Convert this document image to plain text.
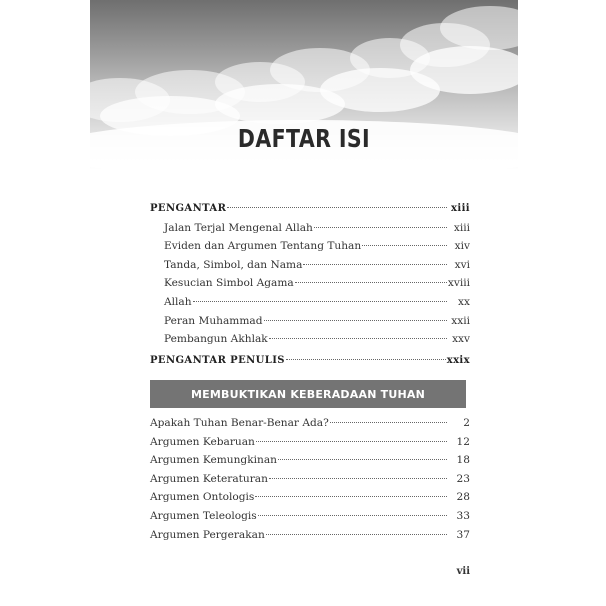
DAFTAR ISI
PENGANTAR	xiii
Jalan Terjal Mengenal Allah	xiii
Eviden dan Argumen Tentang Tuhan	xiv
Tanda, Simbol, dan Nama	xvi
Kesucian Simbol Agama	xviii
Allah	xx
Peran Muhammad	xxii
Pembangun Akhlak	xxv
PENGANTAR PENULIS	xxix
MEMBUKTIKAN KEBERADAAN TUHAN
Apakah Tuhan Benar-Benar Ada?	2
Argumen Kebaruan	12
Argumen Kemungkinan	18
Argumen Keteraturan	23
Argumen Ontologis	28
Argumen Teleologis	33
Argumen Pergerakan	37
vii
